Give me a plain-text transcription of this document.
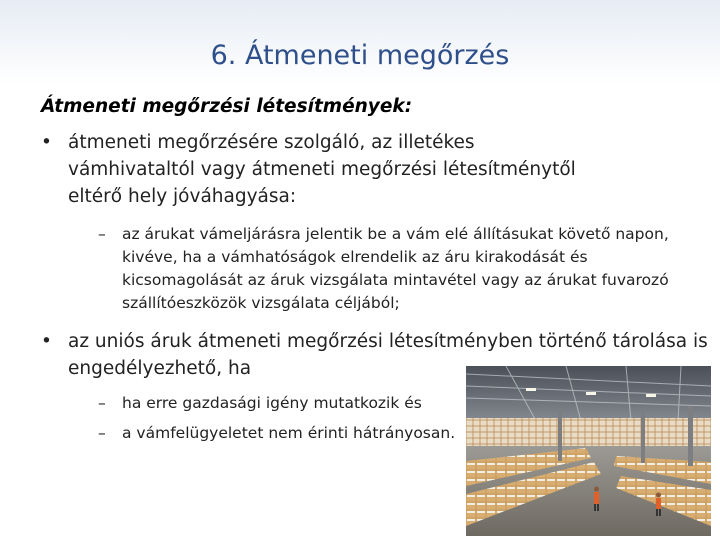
6. Átmeneti megőrzés

Átmeneti megőrzési létesítmények:

• átmeneti megőrzésére szolgáló, az illetékes vámhivataltól vagy átmeneti megőrzési létesítménytől eltérő hely jóváhagyása:
–	az árukat vámeljárásra jelentik be a vám elé állításukat követő napon, kivéve, ha a vámhatóságok elrendelik az áru kirakodását és kicsomagolását az áruk vizsgálata mintavétel vagy az árukat fuvarozó szállítóeszközök vizsgálata céljából;
• az uniós áruk átmeneti megőrzési létesítményben történő tárolása is engedélyezhető, ha
–	ha erre gazdasági igény mutatkozik és
–	a vámfelügyeletet nem érinti hátrányosan.
